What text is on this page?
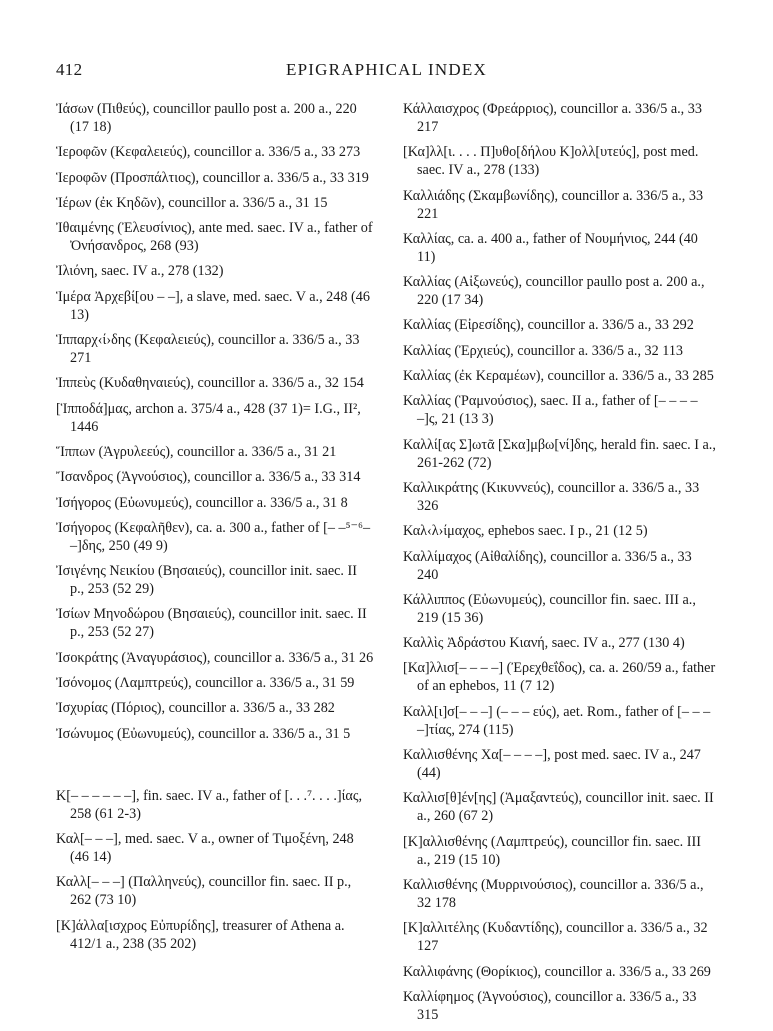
412	EPIGRAPHICAL INDEX

Ἰάσων (Πιθεύς), councillor paullo post a. 200 a., 220 (17 18)

Ἱεροφῶν (Κεφαλειεύς), councillor a. 336/5 a., 33 273

Ἱεροφῶν (Προσπάλτιος), councillor a. 336/5 a., 33 319

Ἱέρων (ἐκ Κηδῶν), councillor a. 336/5 a., 31 15

Ἰθαιμένης (Ἐλευσίνιος), ante med. saec. IV a., father of Ὀνήσανδρος, 268 (93)

Ἰλιόνη, saec. IV a., 278 (132)

Ἱμέρα Ἀρχεβί[ου – –], a slave, med. saec. V a., 248 (46 13)

Ἱππαρχ‹ί›δης (Κεφαλειεύς), councillor a. 336/5 a., 33 271

Ἱππεὺς (Κυδαθηναιεύς), councillor a. 336/5 a., 32 154

[Ἱπποδά]μας, archon a. 375/4 a., 428 (37 1)= I.G., II², 1446

Ἵππων (Ἀγρυλεεύς), councillor a. 336/5 a., 31 21

Ἴσανδρος (Ἁγνούσιος), councillor a. 336/5 a., 33 314

Ἰσήγορος (Εὐωνυμεύς), councillor a. 336/5 a., 31 8

Ἰσήγορος (Κεφαλῆθεν), ca. a. 300 a., father of [– –⁵⁻⁶– –]δης, 250 (49 9)

Ἰσιγένης Νεικίου (Βησαιεύς), councillor init. saec. II p., 253 (52 29)

Ἰσίων Μηνοδώρου (Βησαιεύς), councillor init. saec. II p., 253 (52 27)

Ἰσοκράτης (Ἀναγυράσιος), councillor a. 336/5 a., 31 26

Ἰσόνομος (Λαμπτρεύς), councillor a. 336/5 a., 31 59

Ἰσχυρίας (Πόριος), councillor a. 336/5 a., 33 282

Ἰσώνυμος (Εὐωνυμεύς), councillor a. 336/5 a., 31 5

Κ[– – – – – –], fin. saec. IV a., father of [. . .⁷. . . .]ίας, 258 (61 2-3)

Καλ[– – –], med. saec. V a., owner of Τιμοξένη, 248 (46 14)

Καλλ[– – –] (Παλληνεύς), councillor fin. saec. II p., 262 (73 10)

[Κ]άλλα[ισχρος Εὐπυρίδης], treasurer of Athena a. 412/1 a., 238 (35 202)

Κάλλαισχρος (Φρεάρριος), councillor a. 336/5 a., 33 217

[Κα]λλ[ι. . . . Π]υθο[δήλου Κ]ολλ[υτεύς], post med. saec. IV a., 278 (133)

Καλλιάδης (Σκαμβωνίδης), councillor a. 336/5 a., 33 221

Καλλίας, ca. a. 400 a., father of Νουμήνιος, 244 (40 11)

Καλλίας (Αἰξωνεύς), councillor paullo post a. 200 a., 220 (17 34)

Καλλίας (Εἰρεσίδης), councillor a. 336/5 a., 33 292

Καλλίας (Ἐρχιεύς), councillor a. 336/5 a., 32 113

Καλλίας (ἐκ Κεραμέων), councillor a. 336/5 a., 33 285

Καλλίας (Ῥαμνούσιος), saec. II a., father of [– – – – –]ς, 21 (13 3)

Καλλί[ας Σ]ωτᾶ [Σκα]μβω[νί]δης, herald fin. saec. I a., 261-262 (72)

Καλλικράτης (Κικυννεύς), councillor a. 336/5 a., 33 326

Καλ‹λ›ίμαχος, ephebos saec. I p., 21 (12 5)

Καλλίμαχος (Αἰθαλίδης), councillor a. 336/5 a., 33 240

Κάλλιππος (Εὐωνυμεύς), councillor fin. saec. III a., 219 (15 36)

Καλλὶς Ἀδράστου Κιανή, saec. IV a., 277 (130 4)

[Κα]λλισ[– – – –] (Ἐρεχθεΐδος), ca. a. 260/59 a., father of an ephebos, 11 (7 12)

Καλλ[ι]σ[– – –] (– – – εύς), aet. Rom., father of [– – – –]τίας, 274 (115)

Καλλισθένης Χα[– – – –], post med. saec. IV a., 247 (44)

Καλλισ[θ]έν[ης] (Ἁμαξαντεύς), councillor init. saec. II a., 260 (67 2)

[Κ]αλλισθένης (Λαμπτρεύς), councillor fin. saec. III a., 219 (15 10)

Καλλισθένης (Μυρρινούσιος), councillor a. 336/5 a., 32 178

[Κ]αλλιτέλης (Κυδαντίδης), councillor a. 336/5 a., 32 127

Καλλιφάνης (Θορίκιος), councillor a. 336/5 a., 33 269

Καλλίφημος (Ἁγνούσιος), councillor a. 336/5 a., 33 315
